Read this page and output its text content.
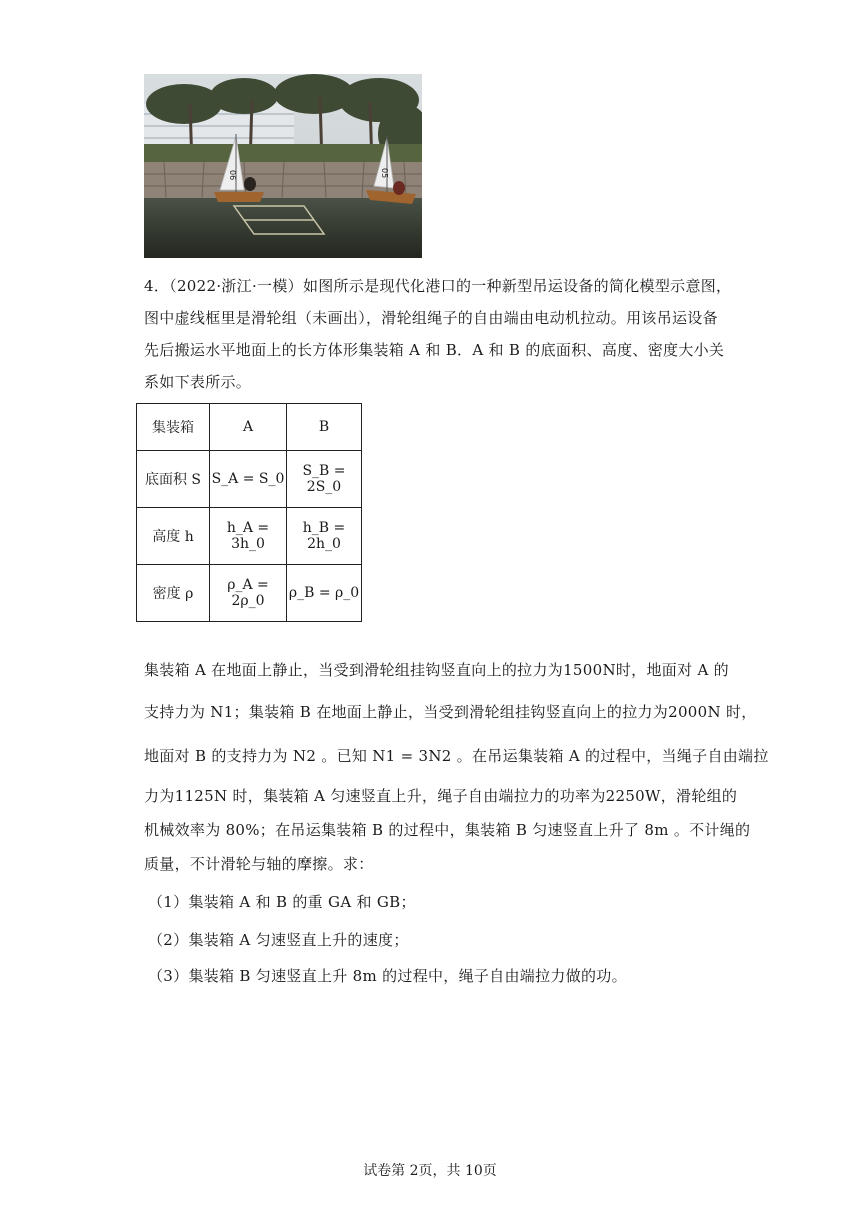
06	05
4．（2022·浙江·一模）如图所示是现代化港口的一种新型吊运设备的简化模型示意图，
图中虚线框里是滑轮组（未画出），滑轮组绳子的自由端由电动机拉动。用该吊运设备
先后搬运水平地面上的长方体形集装箱 A 和 B．A 和 B 的底面积、高度、密度大小关
系如下表所示。
集装箱	A	B
底面积 S	S_A = S_0	S_B = 2S_0
高度 h	h_A = 3h_0	h_B = 2h_0
密度 ρ	ρ_A = 2ρ_0	ρ_B = ρ_0
集装箱 A 在地面上静止，当受到滑轮组挂钩竖直向上的拉力为1500N时，地面对 A 的
支持力为 N1；集装箱 B 在地面上静止，当受到滑轮组挂钩竖直向上的拉力为2000N 时，
地面对 B 的支持力为 N2 。已知 N1 = 3N2 。在吊运集装箱 A 的过程中，当绳子自由端拉
力为1125N 时，集装箱 A 匀速竖直上升，绳子自由端拉力的功率为2250W，滑轮组的
机械效率为 80%；在吊运集装箱 B 的过程中，集装箱 B 匀速竖直上升了 8m 。不计绳的
质量，不计滑轮与轴的摩擦。求：
（1）集装箱 A 和 B 的重 GA 和 GB；
（2）集装箱 A 匀速竖直上升的速度；
（3）集装箱 B 匀速竖直上升 8m 的过程中，绳子自由端拉力做的功。
试卷第 2页，共 10页
